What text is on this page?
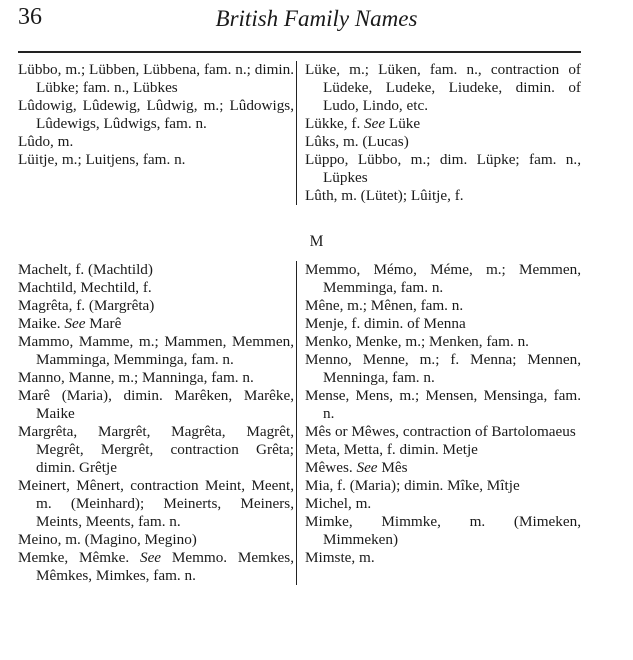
36	British Family Names
Lübbo, m.; Lübben, Lübbena, fam. n.; dimin. Lübke; fam. n., Lübkes
Lûdowig, Lûdewig, Lûdwig, m.; Lûdowigs, Lûdewigs, Lûdwigs, fam. n.
Lûdo, m.
Lüitje, m.; Luitjens, fam. n.
Lüke, m.; Lüken, fam. n., contraction of Lüdeke, Ludeke, Liudeke, dimin. of Ludo, Lindo, etc.
Lükke, f. See Lüke
Lûks, m. (Lucas)
Lüppo, Lübbo, m.; dim. Lüpke; fam. n., Lüpkes
Lûth, m. (Lütet); Lûitje, f.
M
Machelt, f. (Machtild)
Machtild, Mechtild, f.
Magrêta, f. (Margrêta)
Maike. See Marê
Mammo, Mamme, m.; Mammen, Memmen, Mamminga, Memminga, fam. n.
Manno, Manne, m.; Manninga, fam. n.
Marê (Maria), dimin. Marêken, Marêke, Maike
Margrêta, Margrêt, Magrêta, Magrêt, Megrêt, Mergrêt, contraction Grêta; dimin. Grêtje
Meinert, Mênert, contraction Meint, Meent, m. (Meinhard); Meinerts, Meiners, Meints, Meents, fam. n.
Meino, m. (Magino, Megino)
Memke, Mêmke. See Memmo. Memkes, Mêmkes, Mimkes, fam. n.
Memmo, Mémo, Méme, m.; Memmen, Memminga, fam. n.
Mêne, m.; Mênen, fam. n.
Menje, f. dimin. of Menna
Menko, Menke, m.; Menken, fam. n.
Menno, Menne, m.; f. Menna; Mennen, Menninga, fam. n.
Mense, Mens, m.; Mensen, Mensinga, fam. n.
Mês or Mêwes, contraction of Bartolomaeus
Meta, Metta, f. dimin. Metje
Mêwes. See Mês
Mia, f. (Maria); dimin. Mîke, Mîtje
Michel, m.
Mimke, Mimmke, m. (Mimeken, Mimmeken)
Mimste, m.
